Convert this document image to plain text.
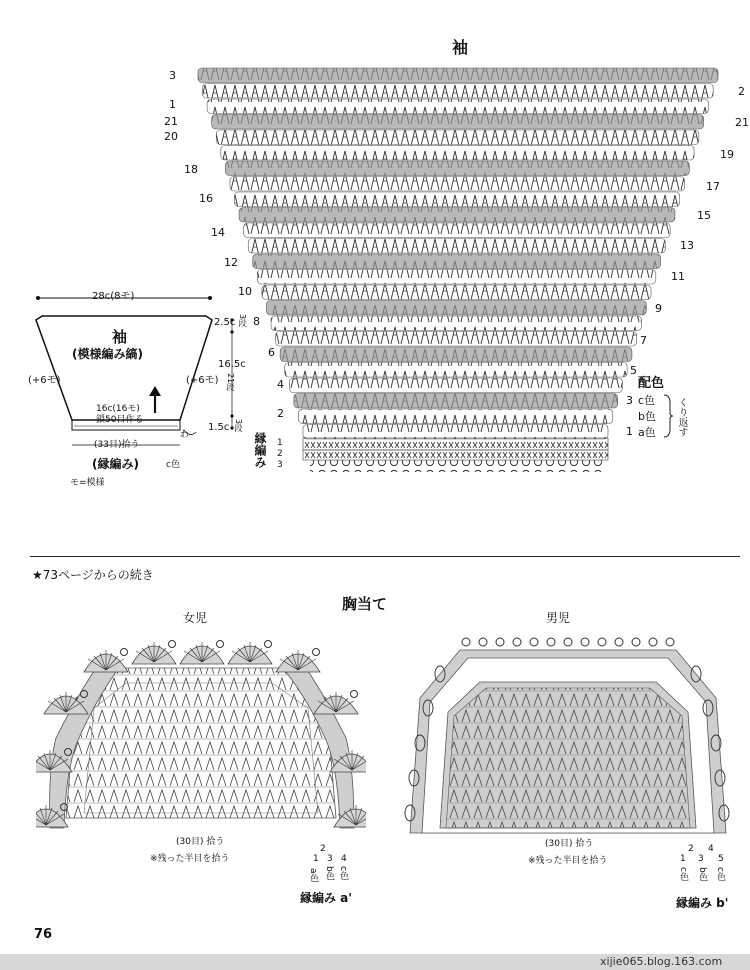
袖
3
1
21
20
18
16
14
12
10
8
6
4
2
2
21
19
17
15
13
11
9
7
5
3
1
縁編み 1
2
3
配色
c色
b色
a色 くり返す
28c(8モ)
袖
(模様編み縞)
(+6モ)	(+6モ)
16c(16モ)
鎖50目作る
(33目)拾う
(縁編み)	c色
わ
モ=模様
2.5c 3段
16.5c
21段
1.5c 3段
★73ページからの続き
胸当て
女児	男児
(30目) 拾う
※残った半目を拾う	1
2
3 4
a色 b色 c色
縁編み a'
(30目) 拾う
※残った半目を拾う	1
2
3
4
5
c色 b色 c色
縁編み b'
76
xijie065.blog.163.com
